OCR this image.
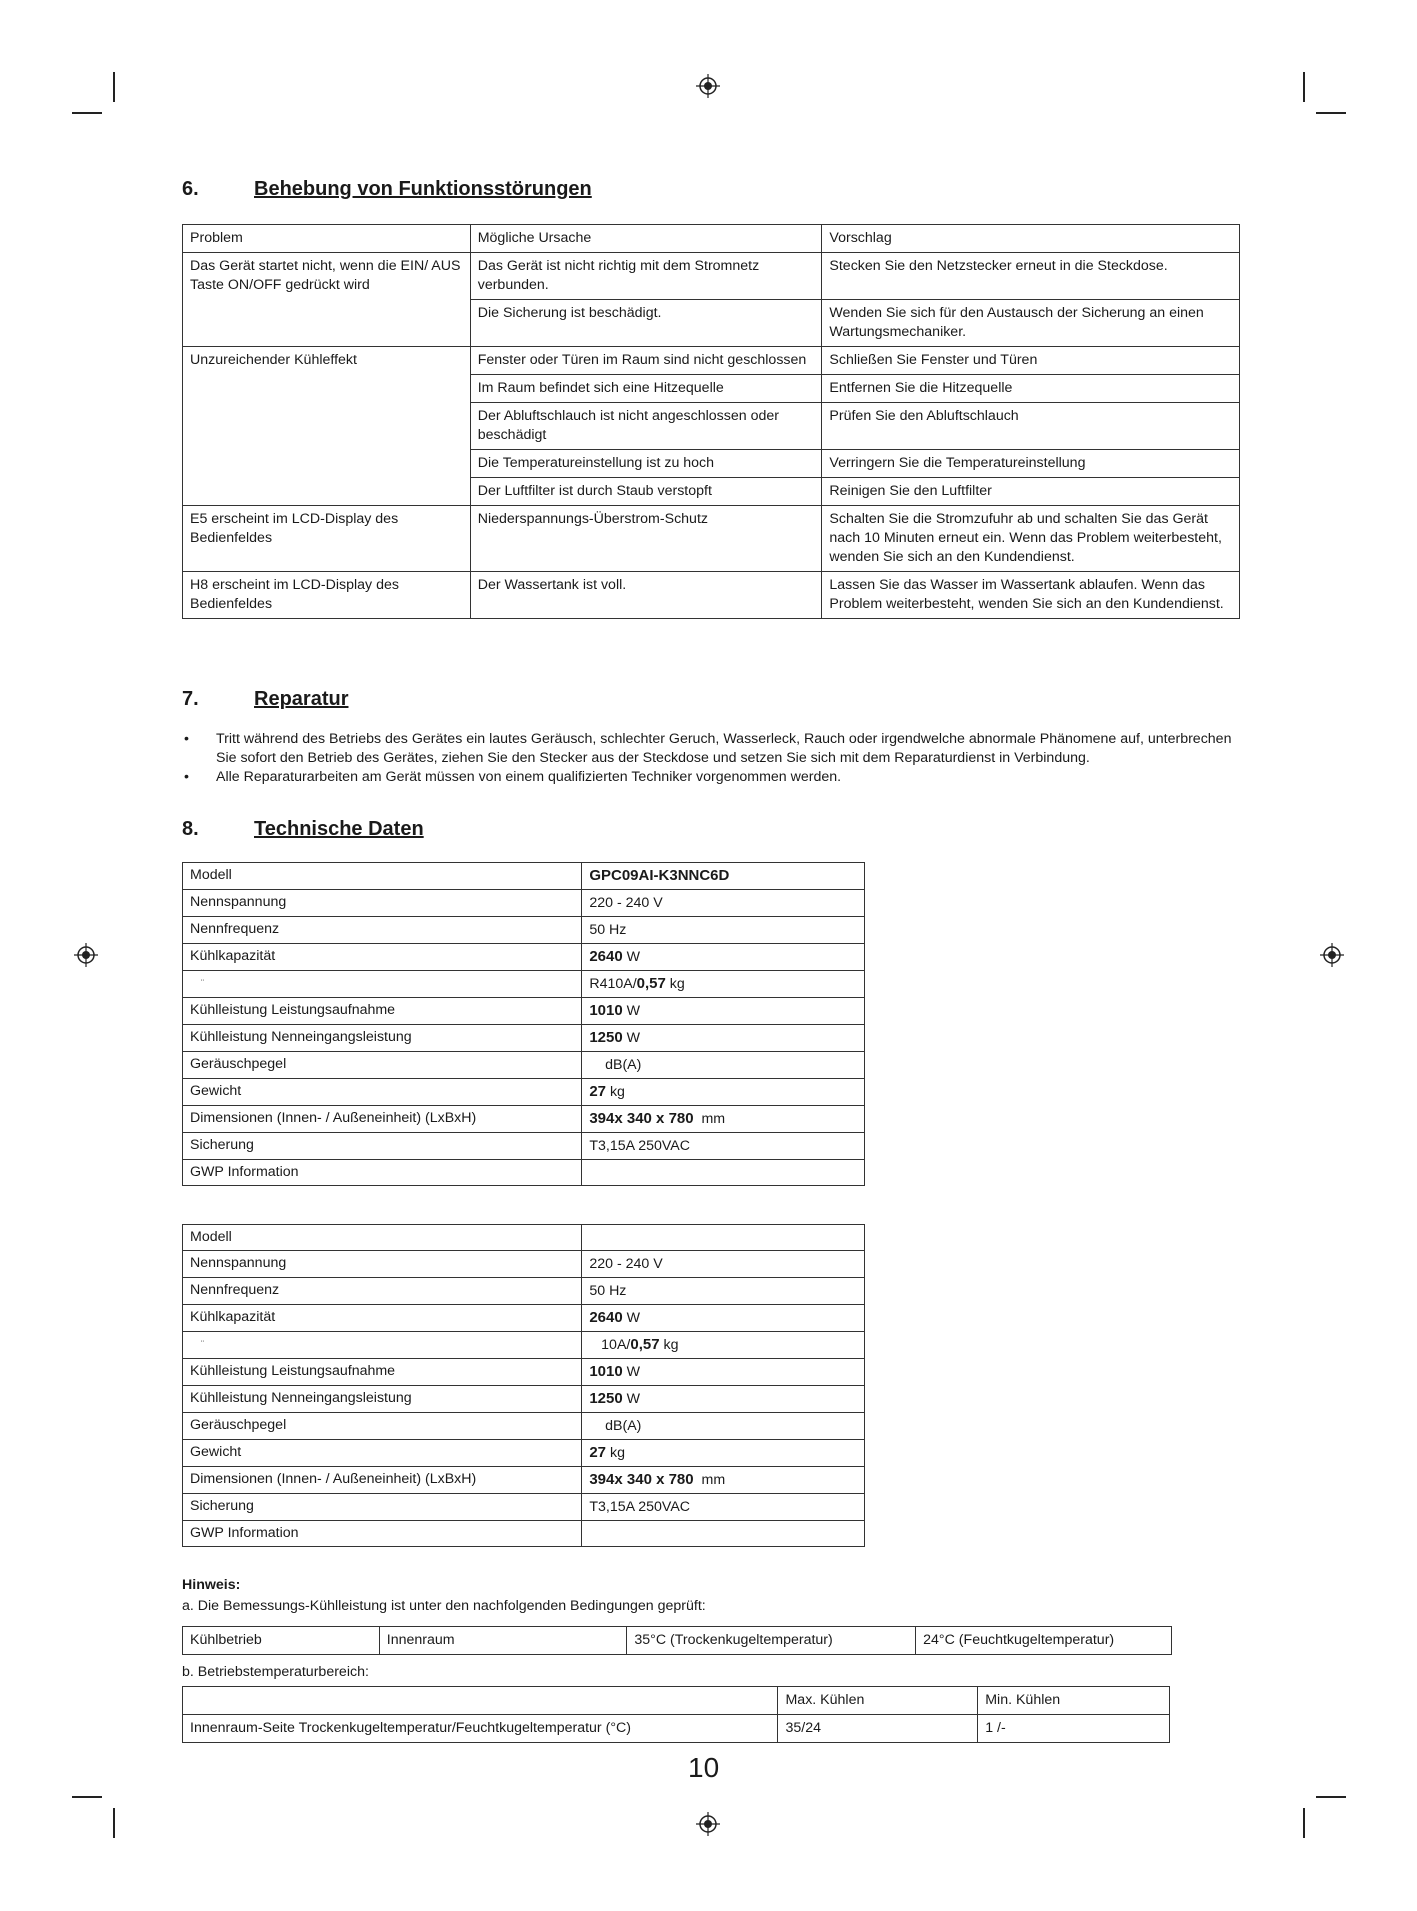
6.	Behebung von Funktionsstörungen
Problem	Mögliche Ursache	Vorschlag
Das Gerät startet nicht, wenn die EIN/ AUS Taste ON/OFF gedrückt wird	Das Gerät ist nicht richtig mit dem Stromnetz verbunden.	Stecken Sie den Netzstecker erneut in die Steckdose.
	Die Sicherung ist beschädigt.	Wenden Sie sich für den Austausch der Sicherung an einen Wartungsmechaniker.
Unzureichender Kühleffekt	Fenster oder Türen im Raum sind nicht geschlossen	Schließen Sie Fenster und Türen
	Im Raum befindet sich eine Hitzequelle	Entfernen Sie die Hitzequelle
	Der Abluftschlauch ist nicht angeschlossen oder beschädigt	Prüfen Sie den Abluftschlauch
	Die Temperatureinstellung ist zu hoch	Verringern Sie die Temperatureinstellung
	Der Luftfilter ist durch Staub verstopft	Reinigen Sie den Luftfilter
E5 erscheint im LCD-Display des Bedienfeldes	Niederspannungs-Überstrom-Schutz	Schalten Sie die Stromzufuhr ab und schalten Sie das Gerät nach 10 Minuten erneut ein. Wenn das Problem weiterbesteht, wenden Sie sich an den Kundendienst.
H8 erscheint im LCD-Display des Bedienfeldes	Der Wassertank ist voll.	Lassen Sie das Wasser im Wassertank ablaufen. Wenn das Problem weiterbesteht, wenden Sie sich an den Kundendienst.
7.	Reparatur
• Tritt während des Betriebs des Gerätes ein lautes Geräusch, schlechter Geruch, Wasserleck, Rauch oder irgendwelche abnormale Phänomene auf, unterbrechen Sie sofort den Betrieb des Gerätes, ziehen Sie den Stecker aus der Steckdose und setzen Sie sich mit dem Reparaturdienst in Verbindung.
• Alle Reparaturarbeiten am Gerät müssen von einem qualifizierten Techniker vorgenommen werden.
8.	Technische Daten
Modell	GPC09AI-K3NNC6D
Nennspannung	220 - 240 V
Nennfrequenz	50 Hz
Kühlkapazität	2640 W
¨	R410A/0,57 kg
Kühlleistung Leistungsaufnahme	1010 W
Kühlleistung Nenneingangsleistung	1250 W
Geräuschpegel	dB(A)
Gewicht	27 kg
Dimensionen (Innen- / Außeneinheit) (LxBxH)	394x 340 x 780  mm
Sicherung	T3,15A 250VAC
GWP Information	
Modell	
Nennspannung	220 - 240 V
Nennfrequenz	50 Hz
Kühlkapazität	2640 W
¨	10A/0,57 kg
Kühlleistung Leistungsaufnahme	1010 W
Kühlleistung Nenneingangsleistung	1250 W
Geräuschpegel	dB(A)
Gewicht	27 kg
Dimensionen (Innen- / Außeneinheit) (LxBxH)	394x 340 x 780  mm
Sicherung	T3,15A 250VAC
GWP Information	
Hinweis:
a. Die Bemessungs-Kühlleistung ist unter den nachfolgenden Bedingungen geprüft:
Kühlbetrieb	Innenraum	35°C (Trockenkugeltemperatur)	24°C (Feuchtkugeltemperatur)
b. Betriebstemperaturbereich:
	Max. Kühlen	Min. Kühlen
Innenraum-Seite Trockenkugeltemperatur/Feuchtkugeltemperatur (°C)	35/24	1 /-
10
